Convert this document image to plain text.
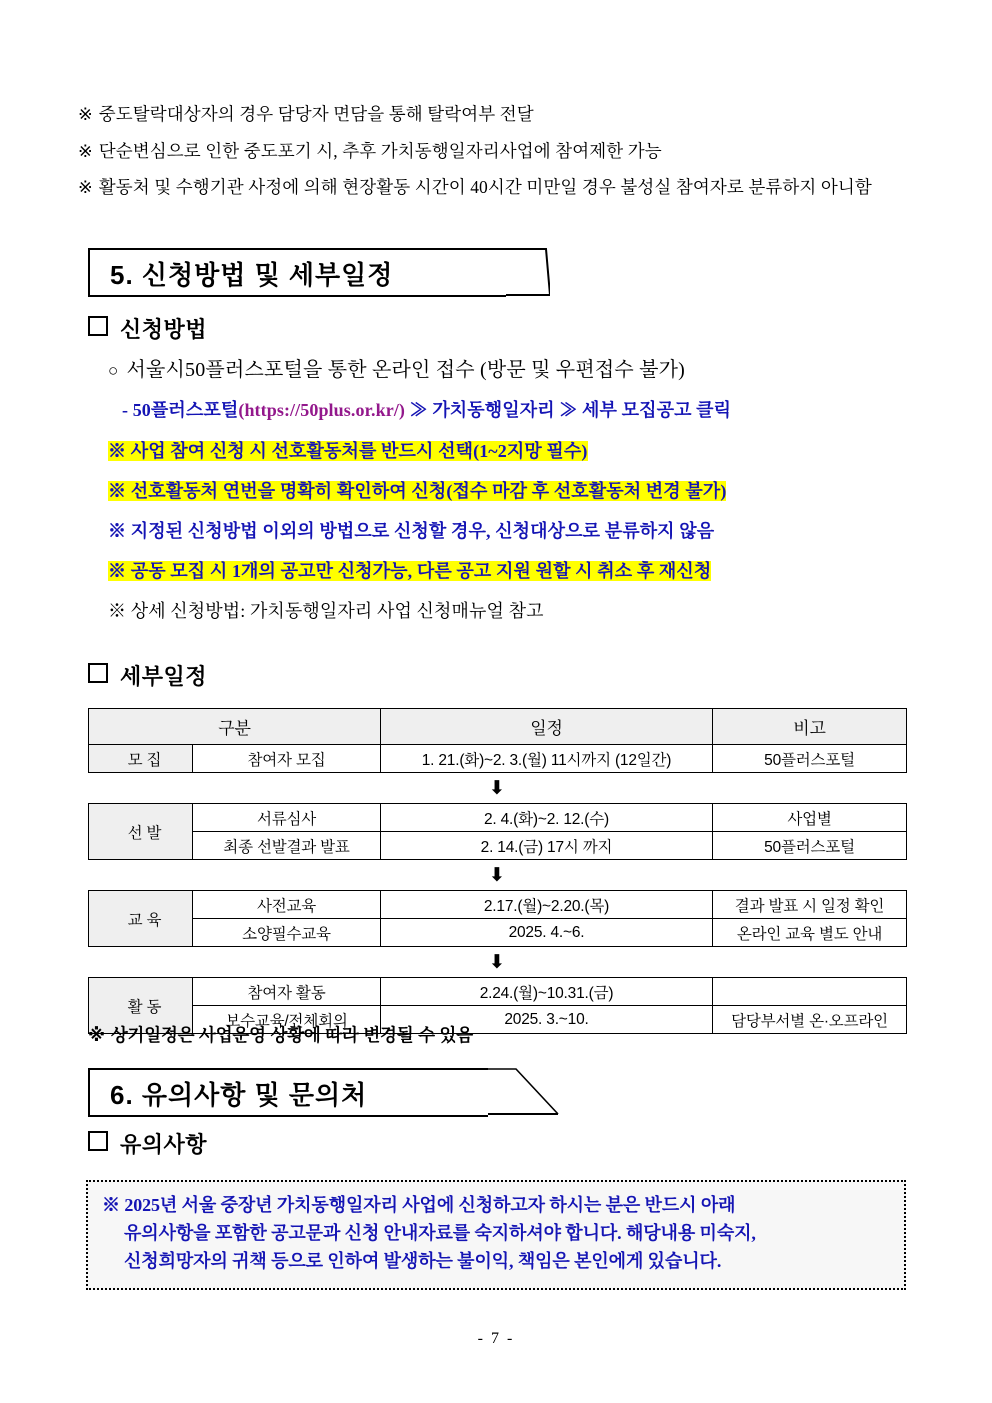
※ 중도탈락대상자의 경우 담당자 면담을 통해 탈락여부 전달
※ 단순변심으로 인한 중도포기 시, 추후 가치동행일자리사업에 참여제한 가능
※ 활동처 및 수행기관 사정에 의해 현장활동 시간이 40시간 미만일 경우 불성실 참여자로 분류하지 아니함
5. 신청방법 및 세부일정
신청방법
○ 서울시50플러스포털을 통한 온라인 접수 (방문 및 우편접수 불가)
- 50플러스포털(https://50plus.or.kr/) ≫ 가치동행일자리 ≫ 세부 모집공고 클릭
※ 사업 참여 신청 시 선호활동처를 반드시 선택(1~2지망 필수)
※ 선호활동처 연번을 명확히 확인하여 신청(접수 마감 후 선호활동처 변경 불가)
※ 지정된 신청방법 이외의 방법으로 신청할 경우, 신청대상으로 분류하지 않음
※ 공동 모집 시 1개의 공고만 신청가능, 다른 공고 지원 원할 시 취소 후 재신청
※ 상세 신청방법: 가치동행일자리 사업 신청매뉴얼 참고
세부일정
구분		일정	비고
모 집	참여자 모집	1. 21.(화)~2. 3.(월) 11시까지 (12일간)	50플러스포털
⬇
선 발	서류심사	2. 4.(화)~2. 12.(수)	사업별
	최종 선발결과 발표	2. 14.(금) 17시 까지	50플러스포털
⬇
교 육	사전교육	2.17.(월)~2.20.(목)	결과 발표 시 일정 확인
	소양필수교육	2025. 4.~6.	온라인 교육 별도 안내
⬇
활 동	참여자 활동	2.24.(월)~10.31.(금)	
	보수교육/전체회의	2025. 3.~10.	담당부서별 온·오프라인
※ 상기일정은 사업운영 상황에 따라 변경될 수 있음
6. 유의사항 및 문의처
유의사항
※ 2025년 서울 중장년 가치동행일자리 사업에 신청하고자 하시는 분은 반드시 아래
유의사항을 포함한 공고문과 신청 안내자료를 숙지하셔야 합니다. 해당내용 미숙지,
신청희망자의 귀책 등으로 인하여 발생하는 불이익, 책임은 본인에게 있습니다.
- 7 -
